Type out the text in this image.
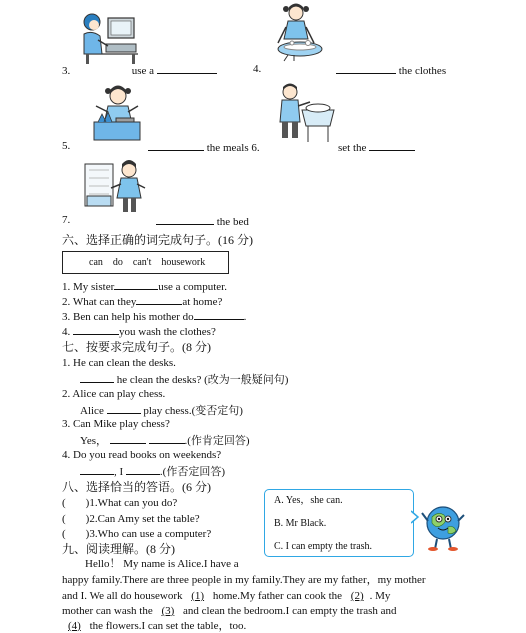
3.	use a	4.	the clothes
5.	the meals 6.	set the
7.	the bed
六、选择正确的词完成句子。(16 分)
can do can't housework
1. My sister	use a computer.
2. What can they	at home?
3. Ben can help his mother do	.
4.	you wash the clothes?
七、按要求完成句子。(8 分)
1. He can clean the desks.
he clean the desks? (改为一般疑问句)
2. Alice can play chess.
Alice	play chess.(变否定句)
3. Can Mike play chess?
Yes，	.(作肯定回答)
4. Do you read books on weekends?
, I	.(作否定回答)
八、选择恰当的答语。(6 分)
( )1.What can you do?
( )2.Can Amy set the table?
( )3.Who can use a computer?
A. Yes，she can.
B. Mr Black.
C. I can empty the trash.
九、阅读理解。(8 分)
Hello！ My name is Alice.I have a
happy family.There are three people in my family.They are my father，my mother
and I. We all do housework (1) home.My father can cook the (2) . My
mother can wash the (3) and clean the bedroom.I can empty the trash and
(4) the flowers.I can set the table，too.
